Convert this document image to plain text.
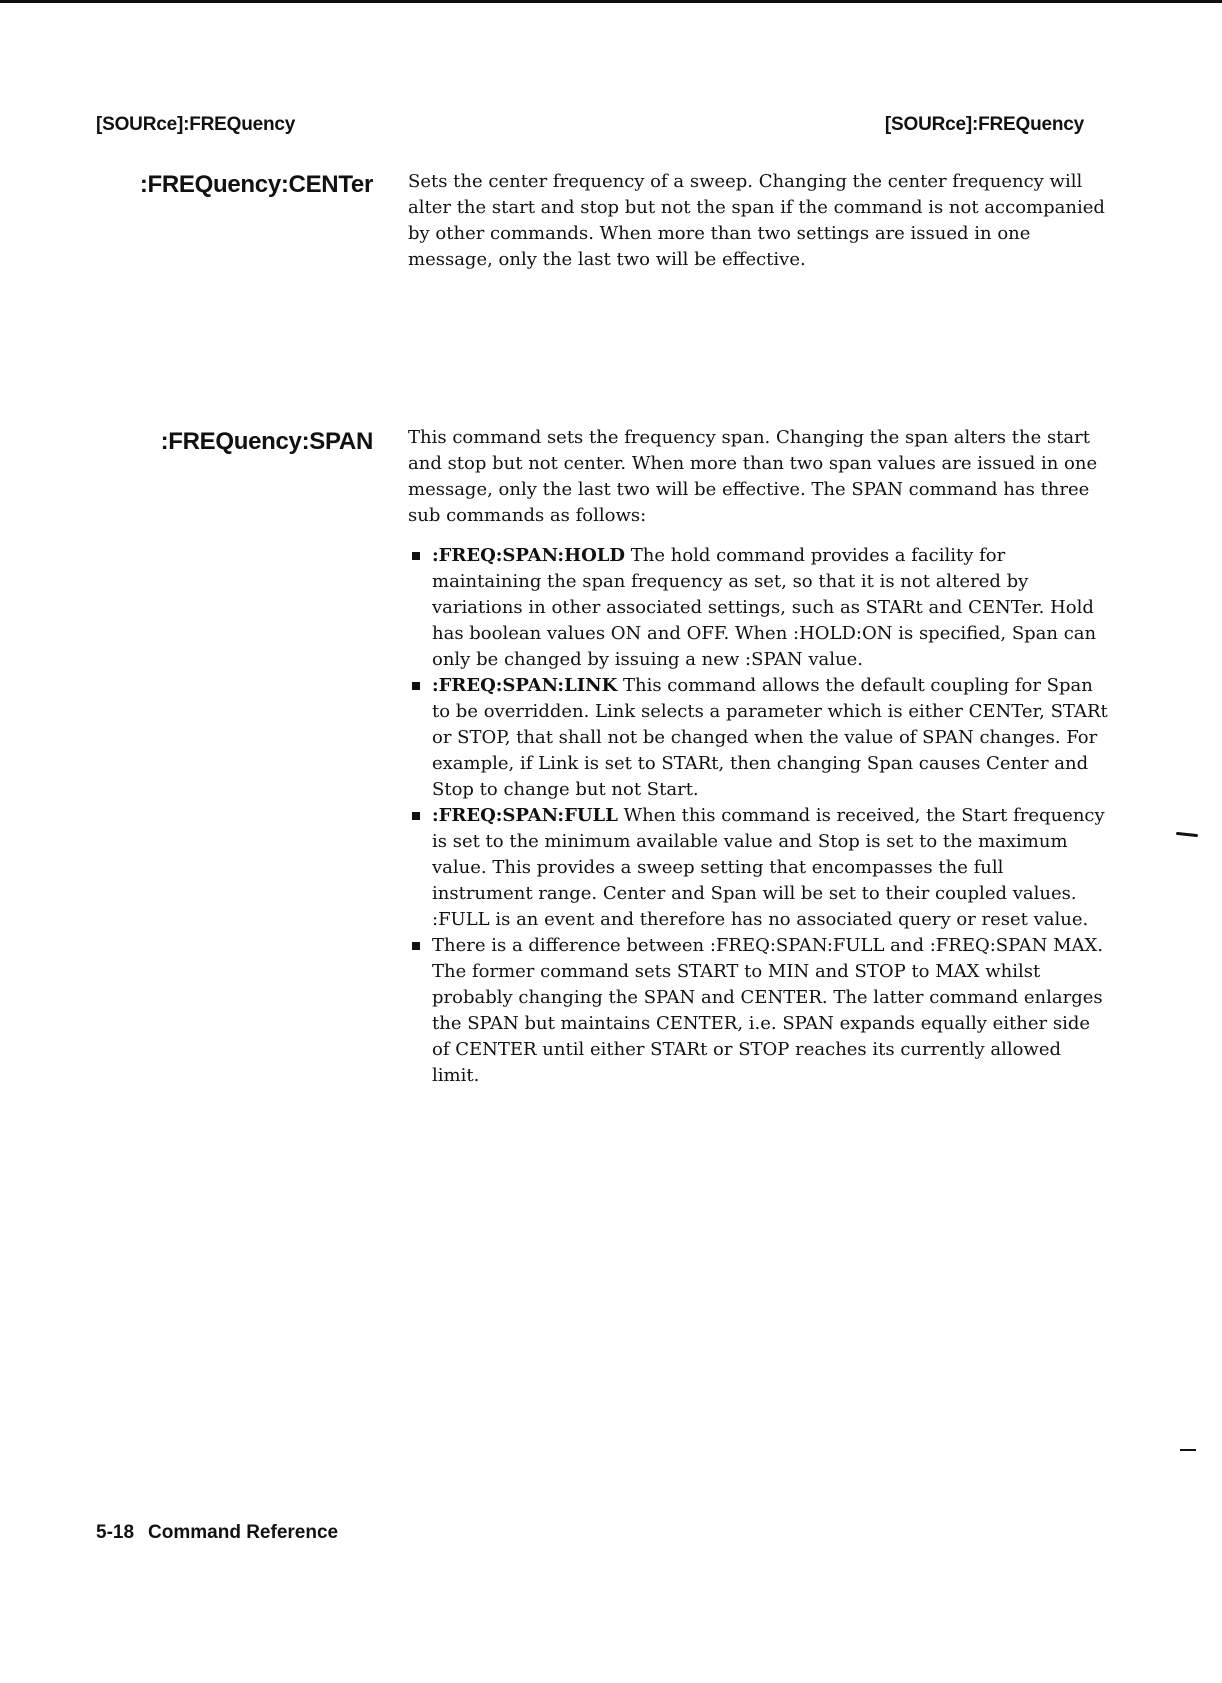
[SOURce]:FREQuency	[SOURce]:FREQuency
:FREQuency:CENTer Sets the center frequency of a sweep. Changing the center frequency will alter the start and stop but not the span if the command is not accompanied by other commands. When more than two settings are issued in one message, only the last two will be effective.

:FREQuency:SPAN This command sets the frequency span. Changing the span alters the start and stop but not center. When more than two span values are issued in one message, only the last two will be effective. The SPAN command has three sub commands as follows:

:FREQ:SPAN:HOLD The hold command provides a facility for maintaining the span frequency as set, so that it is not altered by variations in other associated settings, such as STARt and CENTer. Hold has boolean values ON and OFF. When :HOLD:ON is specified, Span can only be changed by issuing a new :SPAN value.
:FREQ:SPAN:LINK This command allows the default coupling for Span to be overridden. Link selects a parameter which is either CENTer, STARt or STOP, that shall not be changed when the value of SPAN changes. For example, if Link is set to STARt, then changing Span causes Center and Stop to change but not Start.
:FREQ:SPAN:FULL When this command is received, the Start frequency is set to the minimum available value and Stop is set to the maximum value. This provides a sweep setting that encompasses the full instrument range. Center and Span will be set to their coupled values. :FULL is an event and therefore has no associated query or reset value.
There is a difference between :FREQ:SPAN:FULL and :FREQ:SPAN MAX. The former command sets START to MIN and STOP to MAX whilst probably changing the SPAN and CENTER. The latter command enlarges the SPAN but maintains CENTER, i.e. SPAN expands equally either side of CENTER until either STARt or STOP reaches its currently allowed limit.
5-18 Command Reference
